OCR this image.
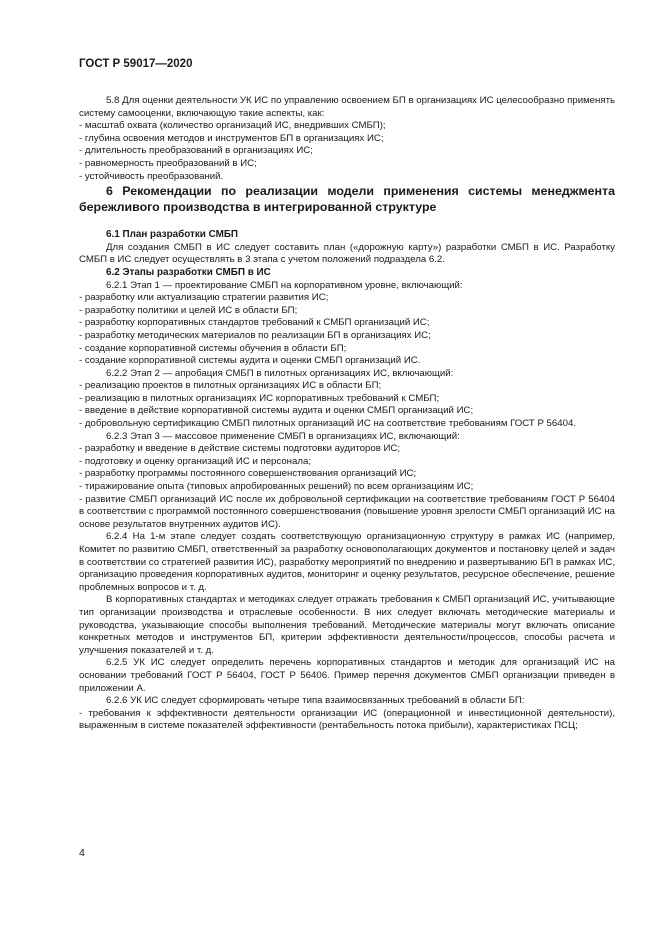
ГОСТ Р 59017—2020

5.8 Для оценки деятельности УК ИС по управлению освоением БП в организациях ИС целесообразно применять систему самооценки, включающую такие аспекты, как:

- масштаб охвата (количество организаций ИС, внедривших СМБП);

- глубина освоения методов и инструментов БП в организациях ИС;

- длительность преобразований в организациях ИС;

- равномерность преобразований в ИС;

- устойчивость преобразований.

6 Рекомендации по реализации модели применения системы менеджмента бережливого производства в интегрированной структуре

6.1 План разработки СМБП

Для создания СМБП в ИС следует составить план («дорожную карту») разработки СМБП в ИС. Разработку СМБП в ИС следует осуществлять в 3 этапа с учетом положений подраздела 6.2.

6.2 Этапы разработки СМБП в ИС

6.2.1 Этап 1 — проектирование СМБП на корпоративном уровне, включающий:

- разработку или актуализацию стратегии развития ИС;

- разработку политики и целей ИС в области БП;

- разработку корпоративных стандартов требований к СМБП организаций ИС;

- разработку методических материалов по реализации БП в организациях ИС;

- создание корпоративной системы обучения в области БП;

- создание корпоративной системы аудита и оценки СМБП организаций ИС.

6.2.2 Этап 2 — апробация СМБП в пилотных организациях ИС, включающий:

- реализацию проектов в пилотных организациях ИС в области БП;

- реализацию в пилотных организациях ИС корпоративных требований к СМБП;

- введение в действие корпоративной системы аудита и оценки СМБП организаций ИС;

- добровольную сертификацию СМБП пилотных организаций ИС на соответствие требованиям ГОСТ Р 56404.

6.2.3 Этап 3 — массовое применение СМБП в организациях ИС, включающий:

- разработку и введение в действие системы подготовки аудиторов ИС;

- подготовку и оценку организаций ИС и персонала;

- разработку программы постоянного совершенствования организаций ИС;

- тиражирование опыта (типовых апробированных решений) по всем организациям ИС;

- развитие СМБП организаций ИС после их добровольной сертификации на соответствие требованиям ГОСТ Р 56404 в соответствии с программой постоянного совершенствования (повышение уровня зрелости СМБП организаций ИС на основе результатов внутренних аудитов ИС).

6.2.4 На 1-м этапе следует создать соответствующую организационную структуру в рамках ИС (например, Комитет по развитию СМБП, ответственный за разработку основополагающих документов и постановку целей и задач в соответствии со стратегией развития ИС), разработку мероприятий по внедрению и развертыванию БП в рамках ИС, организацию проведения корпоративных аудитов, мониторинг и оценку результатов, ресурсное обеспечение, решение проблемных вопросов и т. д.

В корпоративных стандартах и методиках следует отражать требования к СМБП организаций ИС, учитывающие тип организации производства и отраслевые особенности. В них следует включать методические материалы и руководства, указывающие способы выполнения требований. Методические материалы могут включать описание конкретных методов и инструментов БП, критерии эффективности деятельности/процессов, способы расчета и улучшения показателей и т. д.

6.2.5 УК ИС следует определить перечень корпоративных стандартов и методик для организаций ИС на основании требований ГОСТ Р 56404, ГОСТ Р 56406. Пример перечня документов СМБП организации приведен в приложении А.

6.2.6 УК ИС следует сформировать четыре типа взаимосвязанных требований в области БП:

- требования к эффективности деятельности организации ИС (операционной и инвестиционной деятельности), выраженным в системе показателей эффективности (рентабельность потока прибыли), характеристиках ПСЦ;

4
